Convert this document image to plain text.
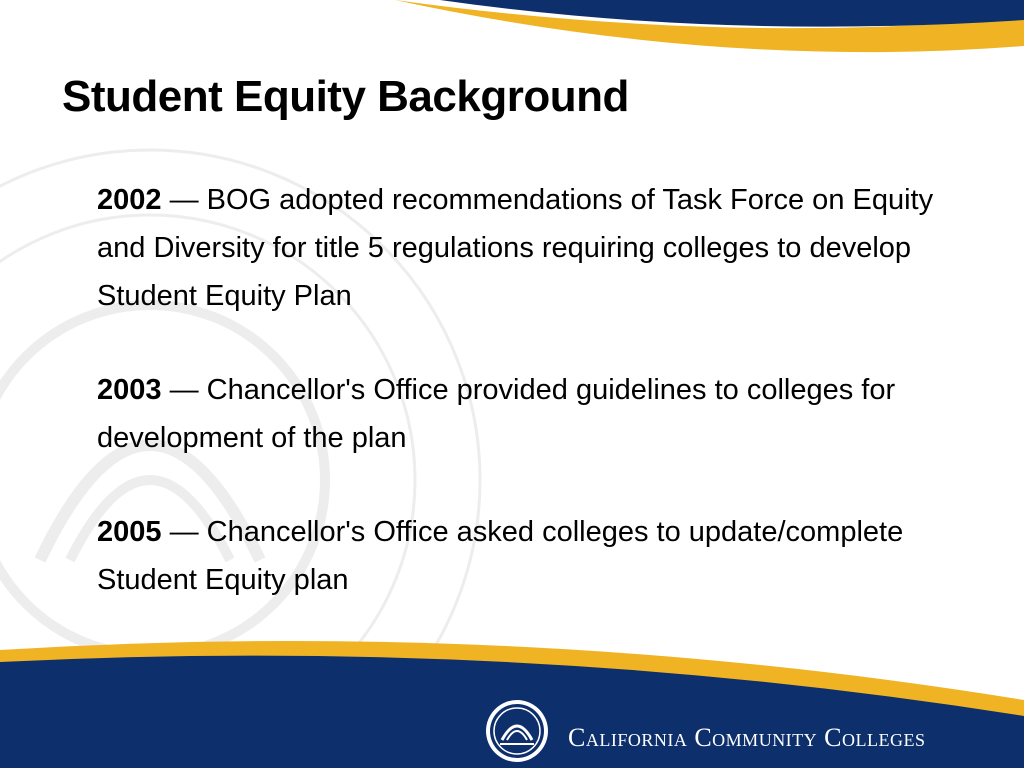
Student Equity Background

2002 — BOG adopted recommendations of Task Force on Equity and Diversity for title 5 regulations requiring colleges to develop Student Equity Plan

2003 — Chancellor's Office provided guidelines to colleges for development of the plan

2005 — Chancellor's Office asked colleges to update/complete Student Equity plan

California Community Colleges
